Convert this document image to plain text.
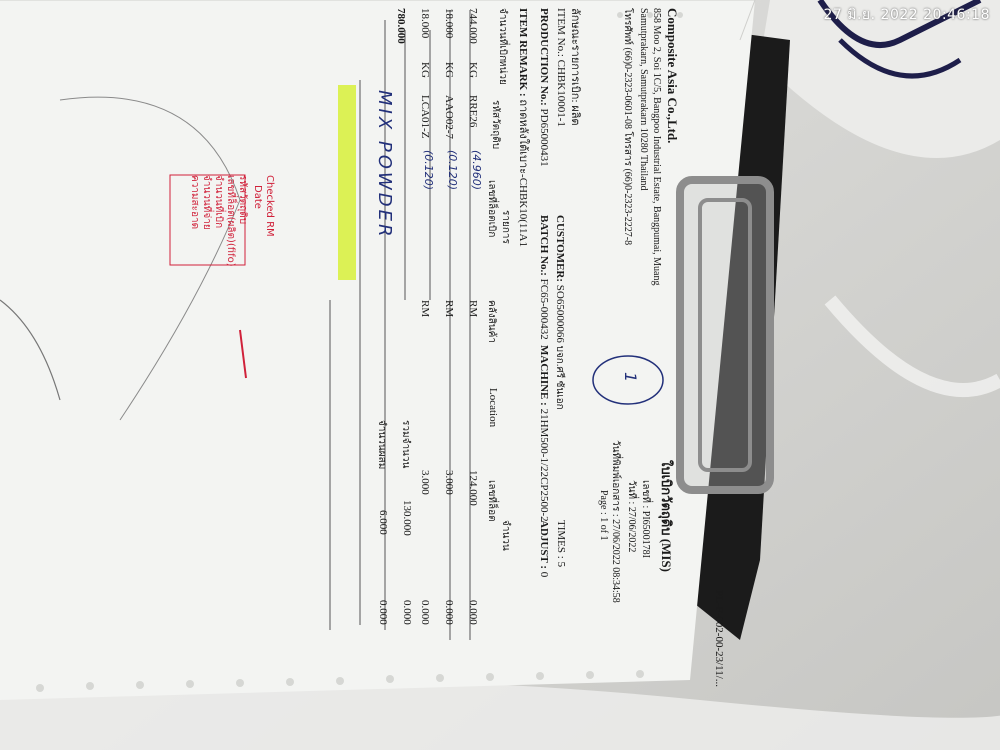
PL-F-002-00-23/11/...
Composite Asia Co.,Ltd.
858 Moo 2, Soi 1C/5, Bangpoo Industrial Estate, Bangpumai, Muang
Samutprakarn, Samutprakarn 10280 Thailand
โทรศัพท์ (66)0-2323-0601-08 โทรสาร (66)0-2323-2227-8
ใบเบิกวัตถุดิบ (MIS)
เลขที่ : PI6500178I
วันที่ : 27/06/2022
วันที่พิมพ์เอกสาร : 27/06/2022 08:34:58
Page : 1 of 1
ลักษณะรายการเบิก: ผลิต
ITEM No.: CHBK10001-1
CUSTOMER: SO65000066 บจก.ศรี ซันเอก
TIMES : 5
PRODUCTION No.: PD65000431
BATCH No.: FC65-000432
MACHINE : 21HM500-1/22CP2500-2
ADJUST : 0
ITEM REMARK : ถาดหลังใต้เบาะ-CHBK10(11A1
จำนวนที่เบิก
หน่วย
รหัสวัตถุดิบ
รายการ
เลขที่ล็อตเบิก
คลังสินค้า
Location
จำนวน
เลขที่ล็อต
744.000
KG
RRE26
(4.960)
RM
124.000
0.000
18.000
KG
AAO02-7
(0.120)
RM
3.000
0.000
18.000
KG
LCA01-Z
(0.120)
RM
3.000
0.000
780.000
MIX POWDER
รวมจำนวน
130.000
0.000
จำนวนผสม
6.000
0.000
1
Checked RM
Date
รหัสวัตถุดิบ
เลขที่ล็อต(ผลิต)(fifo)
จำนวนที่เบิก
จำนวนที่จ่าย
ความสะอาด
27 มิ.ย. 2022 20:46:18
